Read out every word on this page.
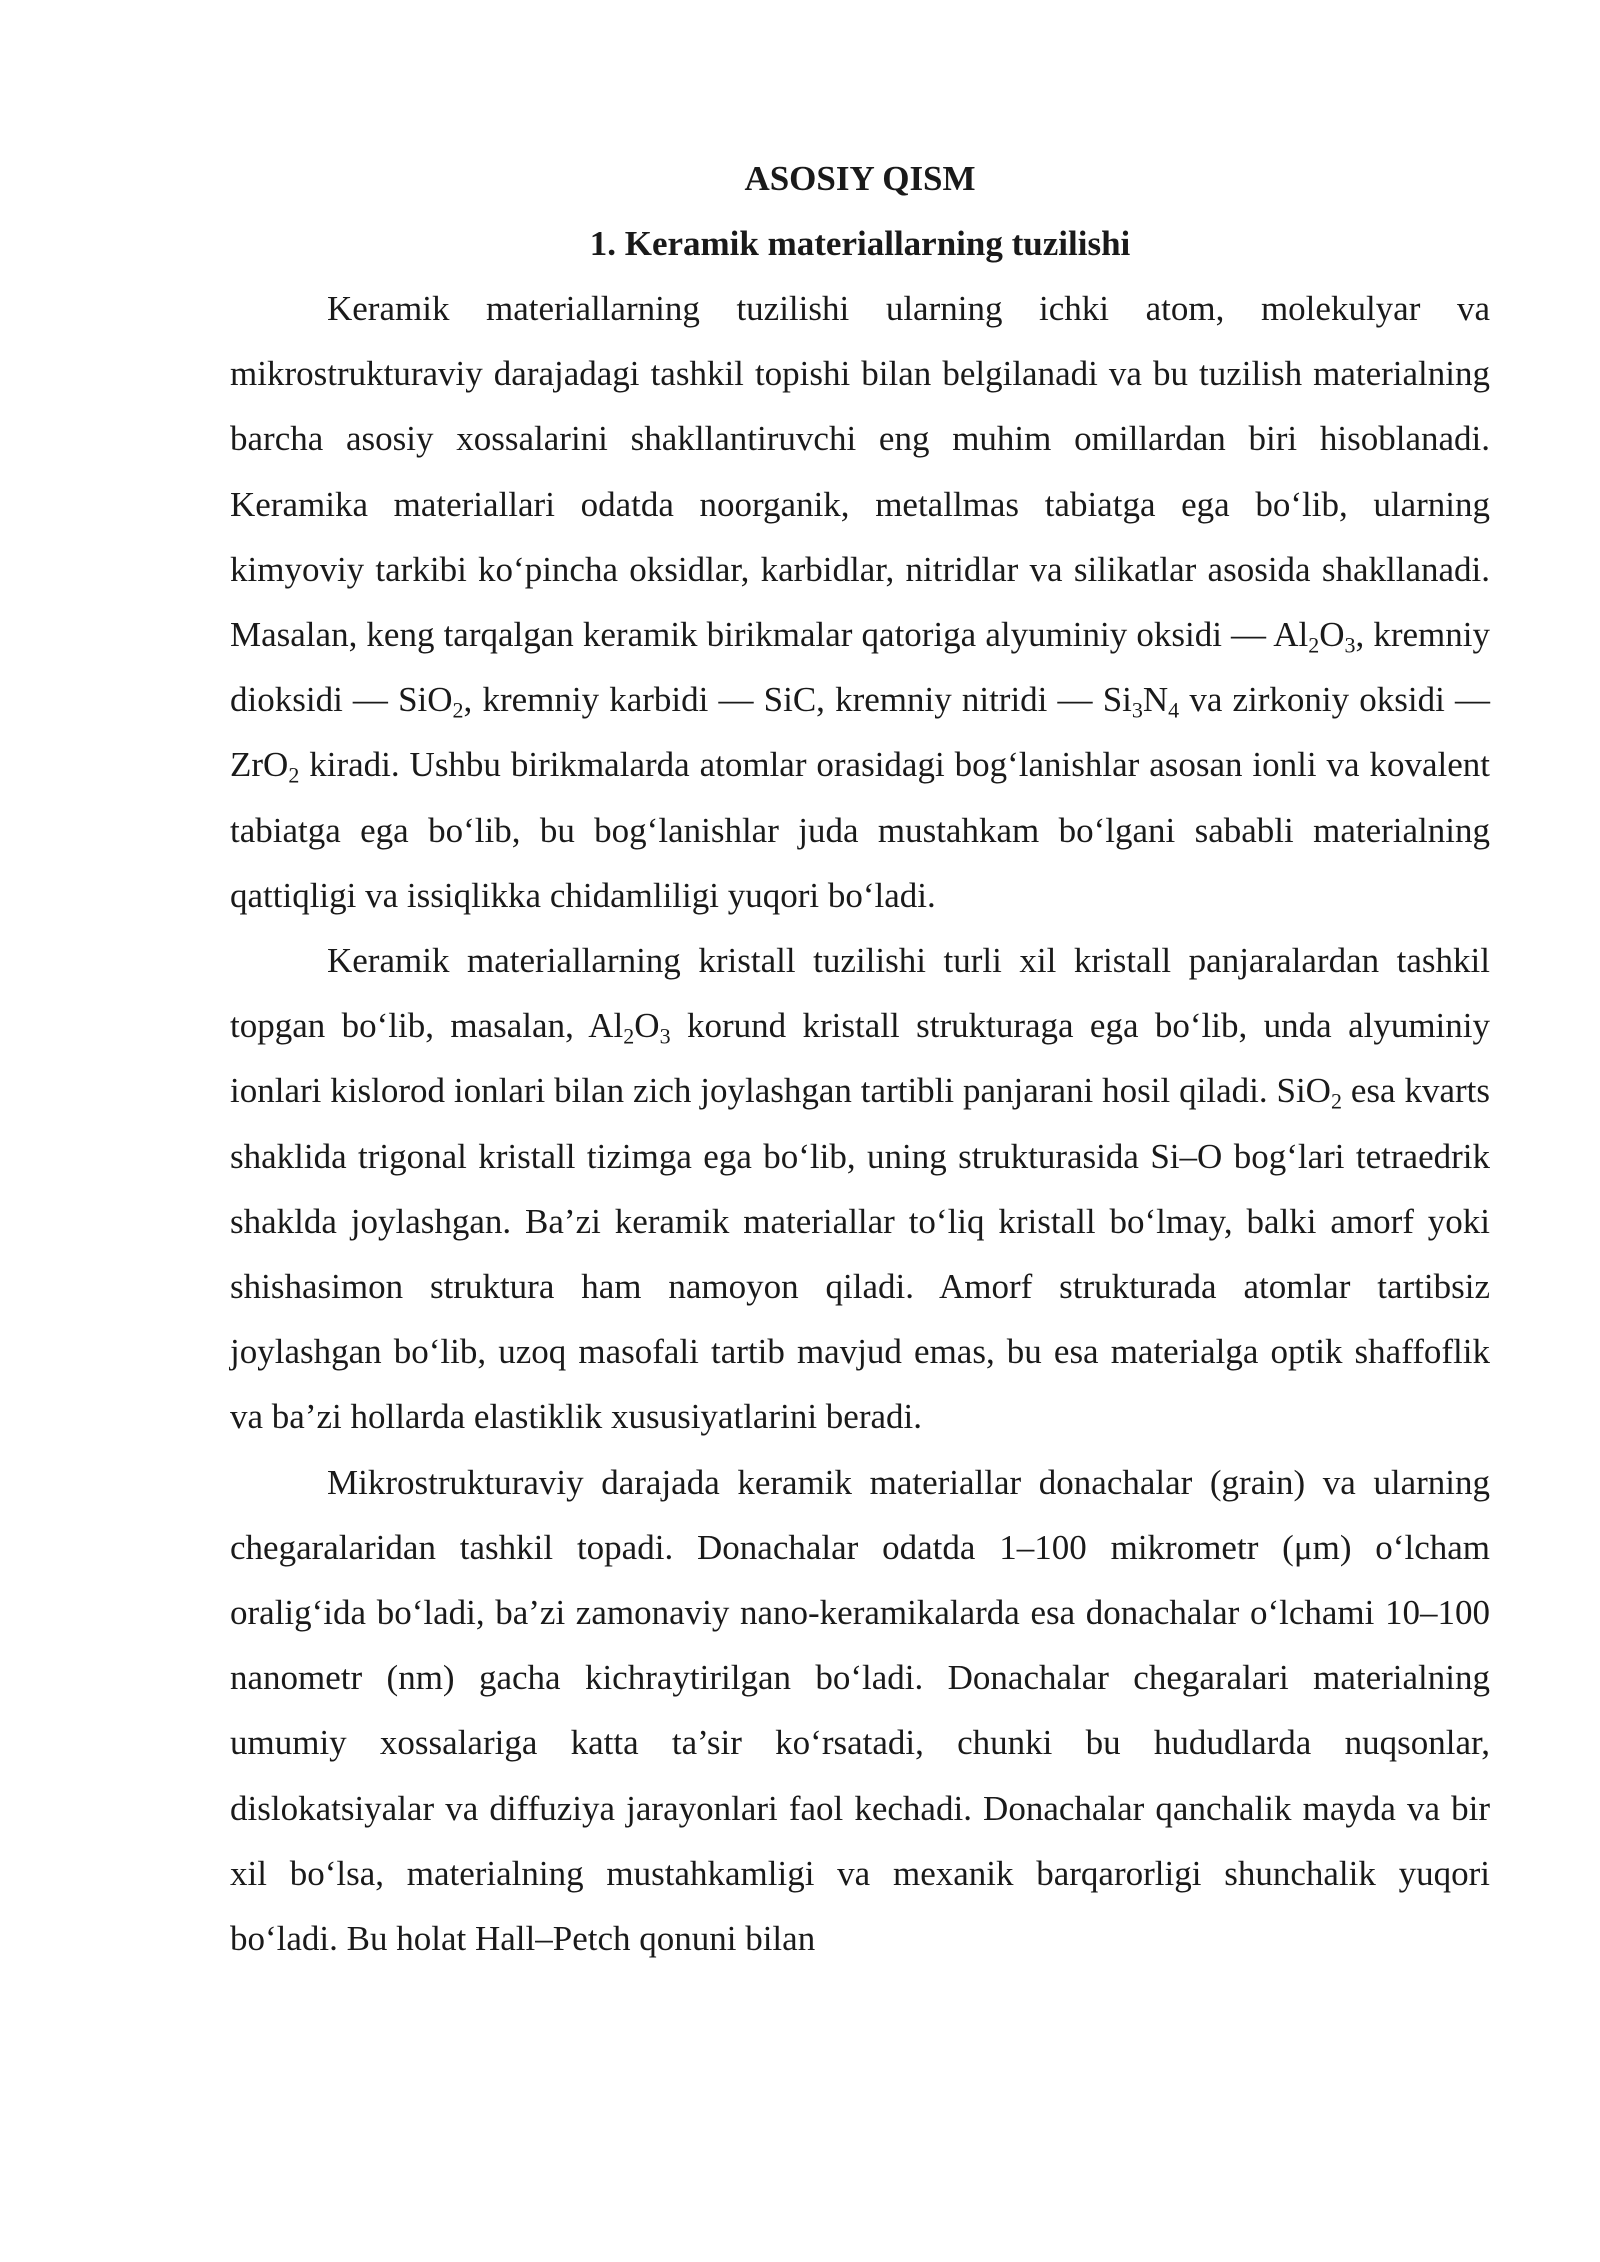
ASOSIY QISM

1. Keramik materiallarning tuzilishi

Keramik materiallarning tuzilishi ularning ichki atom, molekulyar va mikrostrukturaviy darajadagi tashkil topishi bilan belgilanadi va bu tuzilish materialning barcha asosiy xossalarini shakllantiruvchi eng muhim omillardan biri hisoblanadi. Keramika materiallari odatda noorganik, metallmas tabiatga ega bo‘lib, ularning kimyoviy tarkibi ko‘pincha oksidlar, karbidlar, nitridlar va silikatlar asosida shakllanadi. Masalan, keng tarqalgan keramik birikmalar qatoriga alyuminiy oksidi — $Al_2O_3$, kremniy dioksidi — SiO$_2$, kremniy karbidi — SiC, kremniy nitridi — $Si_3N_4$ va zirkoniy oksidi — ZrO$_2$ kiradi. Ushbu birikmalarda atomlar orasidagi bog‘lanishlar asosan ionli va kovalent tabiatga ega bo‘lib, bu bog‘lanishlar juda mustahkam bo‘lgani sababli materialning qattiqligi va issiqlikka chidamliligi yuqori bo‘ladi.

Keramik materiallarning kristall tuzilishi turli xil kristall panjaralardan tashkil topgan bo‘lib, masalan, $Al_2O_3$ korund kristall strukturaga ega bo‘lib, unda alyuminiy ionlari kislorod ionlari bilan zich joylashgan tartibli panjarani hosil qiladi. SiO$_2$ esa kvarts shaklida trigonal kristall tizimga ega bo‘lib, uning strukturasida Si–O bog‘lari tetraedrik shaklda joylashgan. Ba’zi keramik materiallar to‘liq kristall bo‘lmay, balki amorf yoki shishasimon struktura ham namoyon qiladi. Amorf strukturada atomlar tartibsiz joylashgan bo‘lib, uzoq masofali tartib mavjud emas, bu esa materialga optik shaffoflik va ba’zi hollarda elastiklik xususiyatlarini beradi.

Mikrostrukturaviy darajada keramik materiallar donachalar (grain) va ularning chegaralaridan tashkil topadi. Donachalar odatda 1–100 mikrometr (μm) o‘lcham oralig‘ida bo‘ladi, ba’zi zamonaviy nano-keramikalarda esa donachalar o‘lchami 10–100 nanometr (nm) gacha kichraytirilgan bo‘ladi. Donachalar chegaralari materialning umumiy xossalariga katta ta’sir ko‘rsatadi, chunki bu hududlarda nuqsonlar, dislokatsiyalar va diffuziya jarayonlari faol kechadi. Donachalar qanchalik mayda va bir xil bo‘lsa, materialning mustahkamligi va mexanik barqarorligi shunchalik yuqori bo‘ladi. Bu holat Hall–Petch qonuni bilan
